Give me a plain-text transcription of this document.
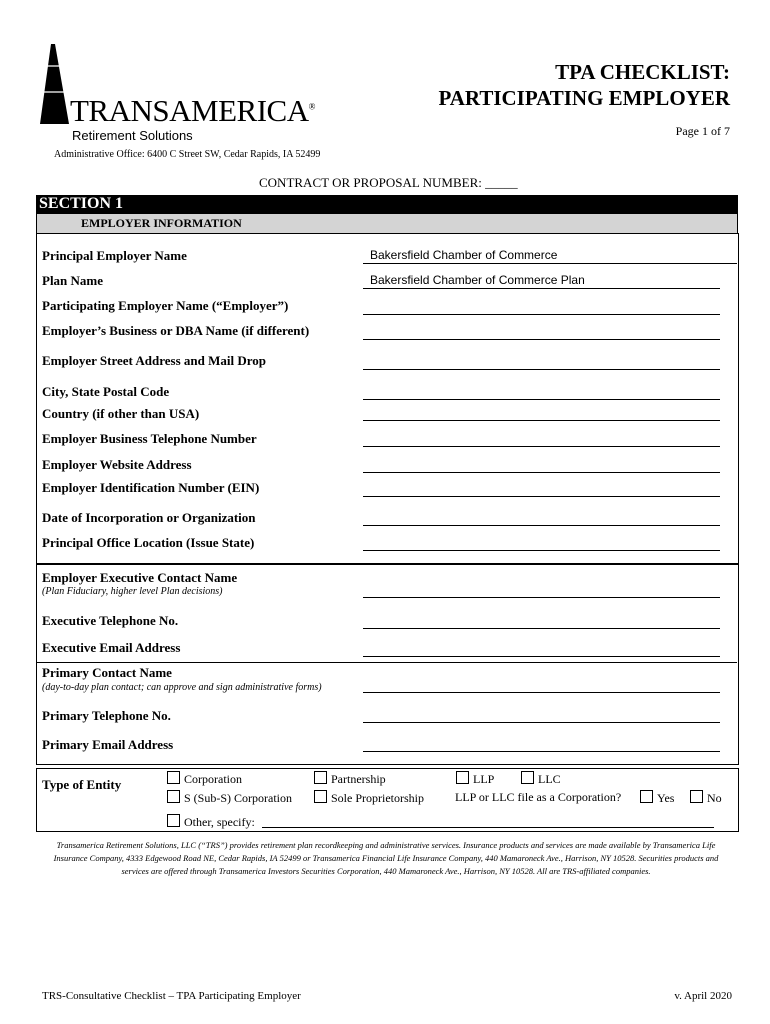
TRANSAMERICA®
Retirement Solutions
Administrative Office: 6400 C Street SW, Cedar Rapids, IA 52499
TPA CHECKLIST:
PARTICIPATING EMPLOYER
Page 1 of 7
CONTRACT OR PROPOSAL NUMBER: _____
SECTION 1
EMPLOYER INFORMATION
Principal Employer Name	Bakersfield Chamber of Commerce
Plan Name	Bakersfield Chamber of Commerce Plan
Participating Employer Name (“Employer”)
Employer’s Business or DBA Name (if different)
Employer Street Address and Mail Drop
City, State Postal Code
Country (if other than USA)
Employer Business Telephone Number
Employer Website Address
Employer Identification Number (EIN)
Date of Incorporation or Organization
Principal Office Location (Issue State)
Employer Executive Contact Name
(Plan Fiduciary, higher level Plan decisions)
Executive Telephone No.
Executive Email Address
Primary Contact Name
(day-to-day plan contact; can approve and sign administrative forms)
Primary Telephone No.
Primary Email Address
Type of Entity	Corporation	Partnership	LLP	LLC
S (Sub-S) Corporation	Sole Proprietorship	LLP or LLC file as a Corporation?	Yes	No
Other, specify:
Transamerica Retirement Solutions, LLC (“TRS”) provides retirement plan recordkeeping and administrative services. Insurance products and services are made available by Transamerica Life Insurance Company, 4333 Edgewood Road NE, Cedar Rapids, IA 52499 or Transamerica Financial Life Insurance Company, 440 Mamaroneck Ave., Harrison, NY 10528. Securities products and services are offered through Transamerica Investors Securities Corporation, 440 Mamaroneck Ave., Harrison, NY 10528. All are TRS-affiliated companies.
TRS-Consultative Checklist – TPA Participating Employer	v. April 2020
